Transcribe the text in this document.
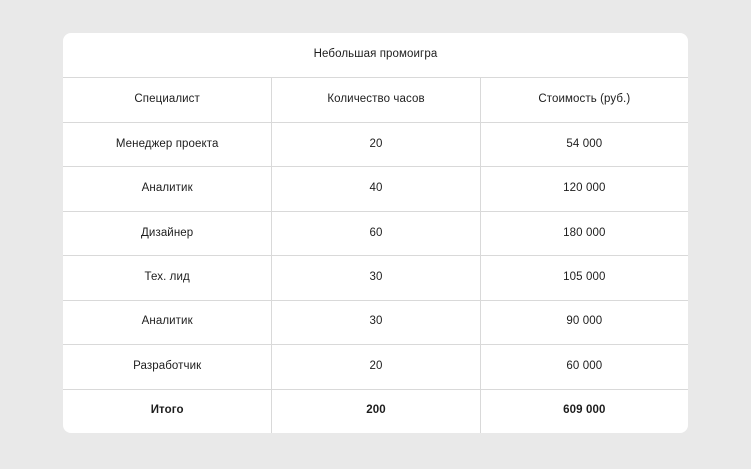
Небольшая промоигра
Специалист	Количество часов	Стоимость (руб.)
Менеджер проекта	20	54 000
Аналитик	40	120 000
Дизайнер	60	180 000
Тех. лид	30	105 000
Аналитик	30	90 000
Разработчик	20	60 000
Итого	200	609 000
